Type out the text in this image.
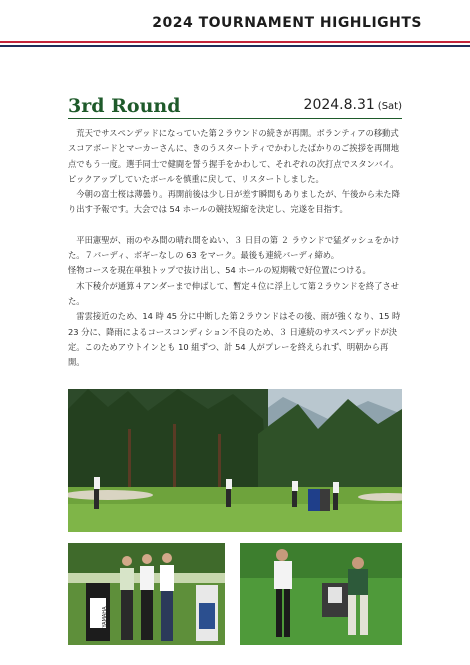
2024 TOURNAMENT HIGHLIGHTS
3rd Round	2024.8.31 (Sat)

荒天でサスペンデッドになっていた第２ラウンドの続きが再開。ボランティアの移動式スコアボードとマーカーさんに、きのうスタートティでかわしたばかりのご挨拶を再開地点でもう一度。選手同士で健闘を誓う握手をかわして、それぞれの次打点でスタンバイ。ピックアップしていたボールを慎重に戻して、リスタートしました。

今朝の富士桜は薄曇り。再開前後は少し日が差す瞬間もありましたが、午後から未た降り出す予報です。大会では 54 ホールの競技短縮を決定し、完遂を目指す。

平田憲聖が、雨のやみ間の晴れ間をぬい、３ 日目の第 ２ ラウンドで猛ダッシュをかけた。７バーディ、ボギーなしの 63 をマーク。最後も連続バーディ締め。

怪物コースを現在単独トップで抜け出し、54 ホールの短期戦で好位置につける。

木下稜介が通算４アンダーまで伸ばして、暫定４位に浮上して第２ラウンドを終了させた。

雷雲接近のため、14 時 45 分に中断した第２ラウンドはその後、雨が強くなり、15 時 23 分に、降雨によるコースコンディション不良のため、３ 日連続のサスペンデッドが決定。このためアウトインとも 10 組ずつ、計 54 人がプレーを終えられず、明朝から再開。

YAMAHA
